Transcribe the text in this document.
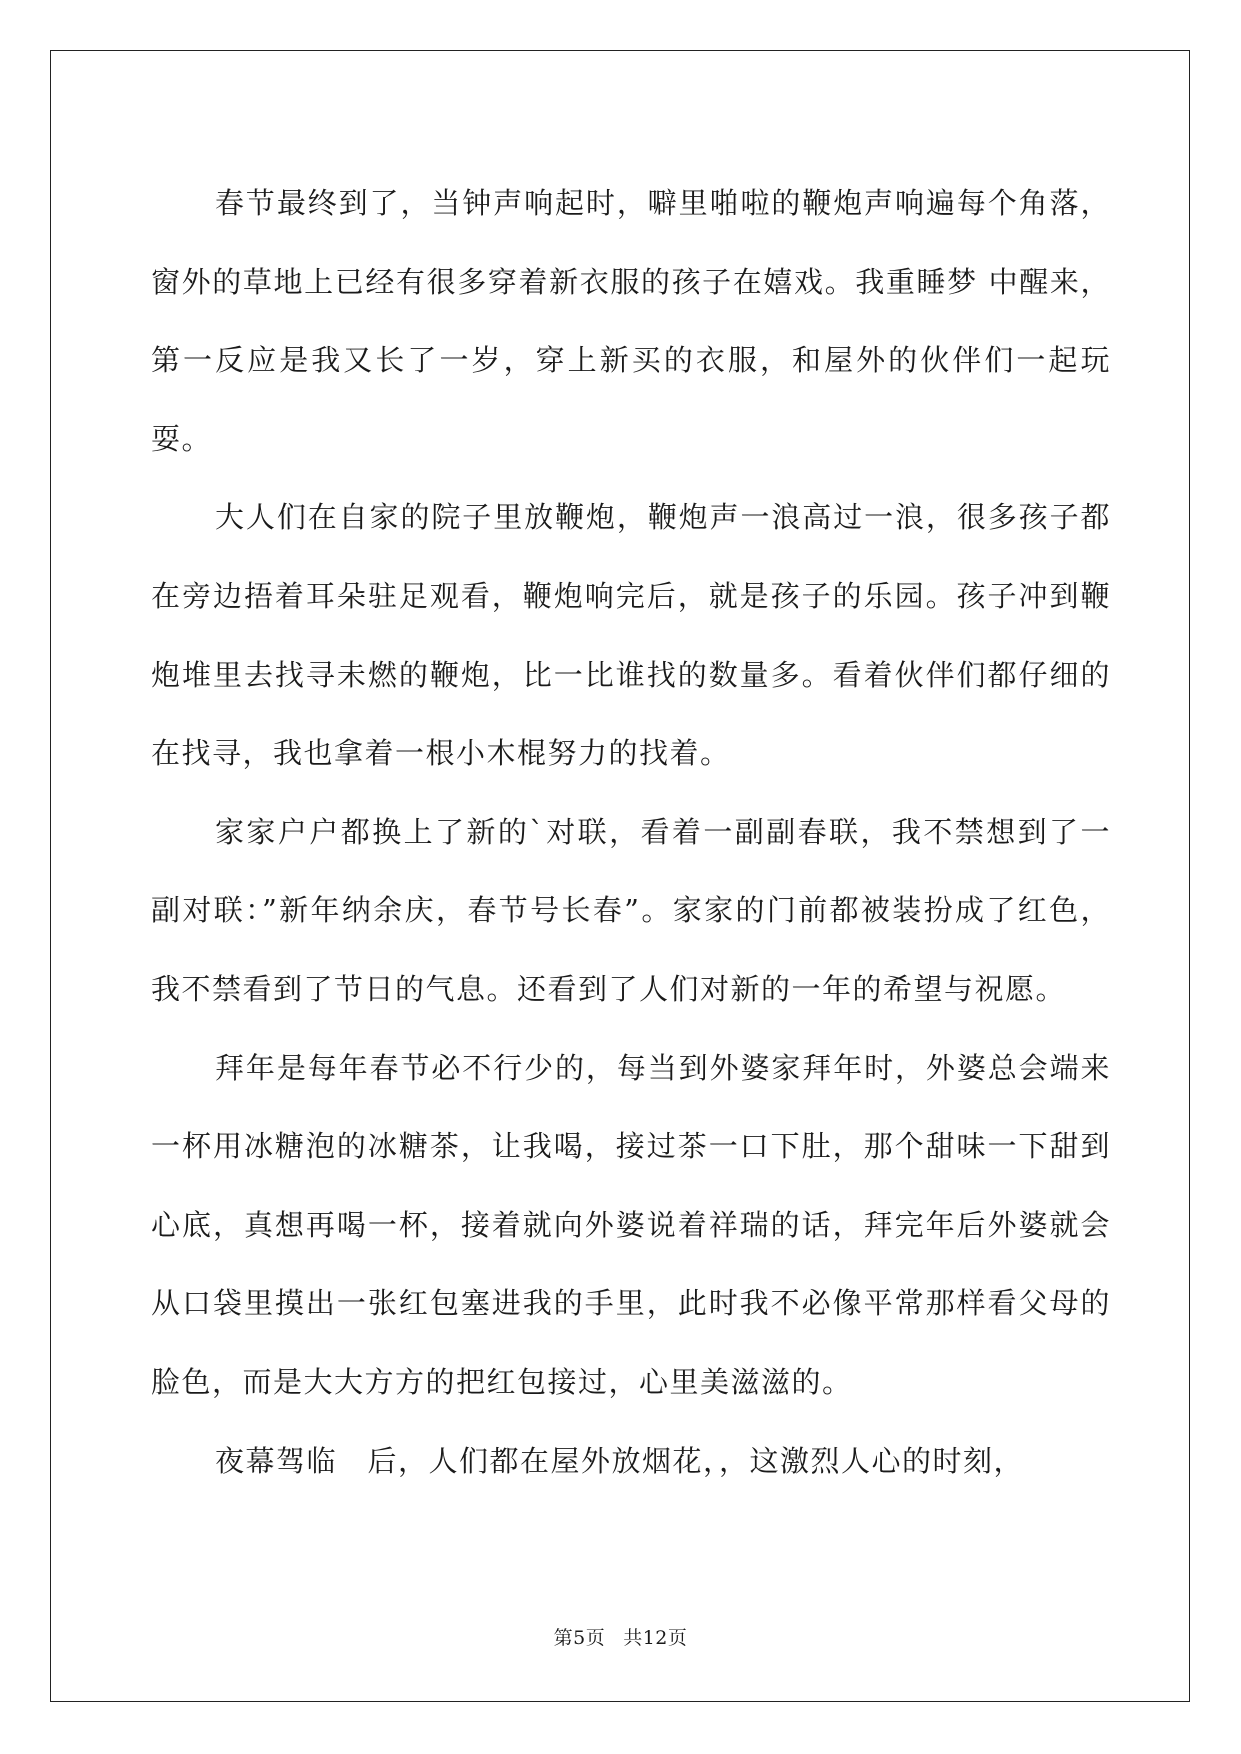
春节最终到了，当钟声响起时，噼里啪啦的鞭炮声响遍每个角落，窗外的草地上已经有很多穿着新衣服的孩子在嬉戏。我重睡梦 中醒来，第一反应是我又长了一岁，穿上新买的衣服，和屋外的伙伴们一起玩耍。

大人们在自家的院子里放鞭炮，鞭炮声一浪高过一浪，很多孩子都在旁边捂着耳朵驻足观看，鞭炮响完后，就是孩子的乐园。孩子冲到鞭炮堆里去找寻未燃的鞭炮，比一比谁找的数量多。看着伙伴们都仔细的在找寻，我也拿着一根小木棍努力的找着。

家家户户都换上了新的`对联，看着一副副春联，我不禁想到了一副对联：”新年纳余庆，春节号长春”。家家的门前都被装扮成了红色，我不禁看到了节日的气息。还看到了人们对新的一年的希望与祝愿。

拜年是每年春节必不行少的，每当到外婆家拜年时，外婆总会端来一杯用冰糖泡的冰糖茶，让我喝，接过茶一口下肚，那个甜味一下甜到心底，真想再喝一杯，接着就向外婆说着祥瑞的话，拜完年后外婆就会从口袋里摸出一张红包塞进我的手里，此时我不必像平常那样看父母的脸色，而是大大方方的把红包接过，心里美滋滋的。

夜幕驾临　后，人们都在屋外放烟花，，这激烈人心的时刻，

第5页 共12页
